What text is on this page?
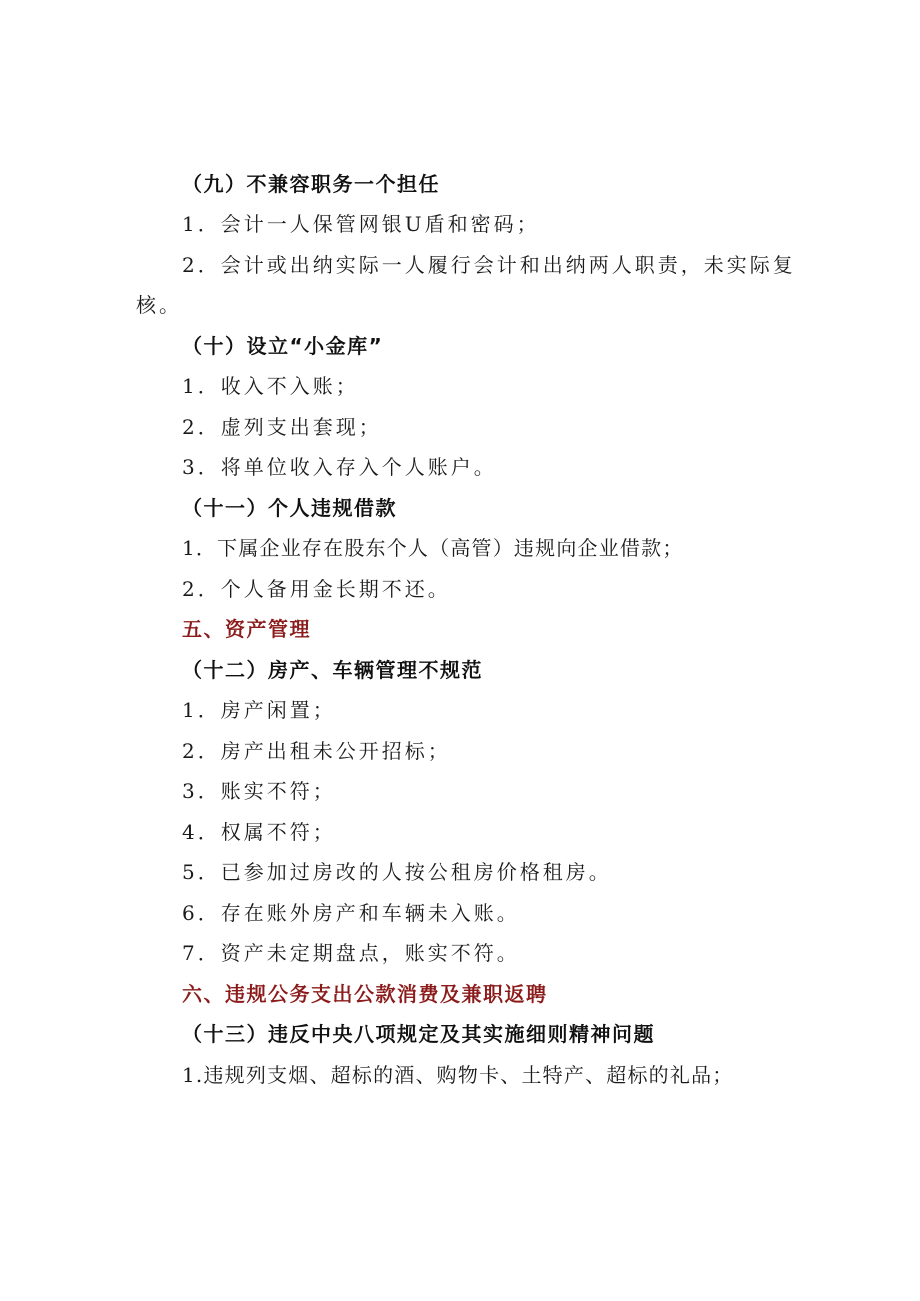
（九）不兼容职务一个担任
1．会计一人保管网银U盾和密码；
2．会计或出纳实际一人履行会计和出纳两人职责，未实际复
核。
（十）设立“小金库”
1．收入不入账；
2．虚列支出套现；
3．将单位收入存入个人账户。
（十一）个人违规借款
1．下属企业存在股东个人（高管）违规向企业借款；
2．个人备用金长期不还。
五、资产管理
（十二）房产、车辆管理不规范
1．房产闲置；
2．房产出租未公开招标；
3．账实不符；
4．权属不符；
5．已参加过房改的人按公租房价格租房。
6．存在账外房产和车辆未入账。
7．资产未定期盘点，账实不符。
六、违规公务支出公款消费及兼职返聘
（十三）违反中央八项规定及其实施细则精神问题
1.违规列支烟、超标的酒、购物卡、土特产、超标的礼品；
